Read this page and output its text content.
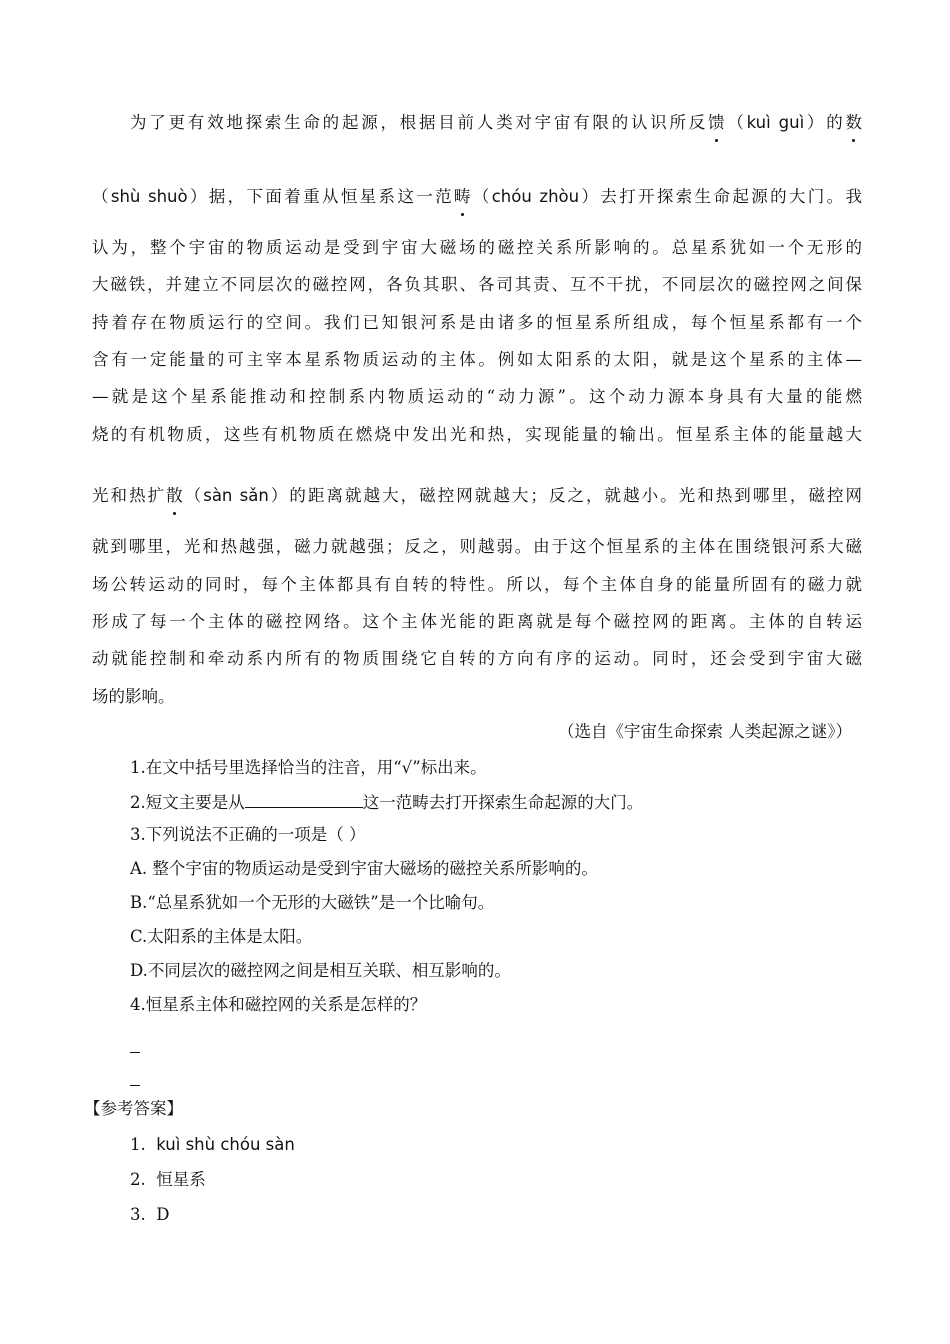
为了更有效地探索生命的起源，根据目前人类对宇宙有限的认识所反馈（kuì guì）的数
（shù shuò）据，下面着重从恒星系这一范畴（chóu zhòu）去打开探索生命起源的大门。我
认为，整个宇宙的物质运动是受到宇宙大磁场的磁控关系所影响的。总星系犹如一个无形的
大磁铁，并建立不同层次的磁控网，各负其职、各司其责、互不干扰，不同层次的磁控网之间保
持着存在物质运行的空间。我们已知银河系是由诸多的恒星系所组成，每个恒星系都有一个
含有一定能量的可主宰本星系物质运动的主体。例如太阳系的太阳，就是这个星系的主体—
—就是这个星系能推动和控制系内物质运动的“动力源”。这个动力源本身具有大量的能燃
烧的有机物质，这些有机物质在燃烧中发出光和热，实现能量的输出。恒星系主体的能量越大
光和热扩散（sàn sǎn）的距离就越大，磁控网就越大；反之，就越小。光和热到哪里，磁控网
就到哪里，光和热越强，磁力就越强；反之，则越弱。由于这个恒星系的主体在围绕银河系大磁
场公转运动的同时，每个主体都具有自转的特性。所以，每个主体自身的能量所固有的磁力就
形成了每一个主体的磁控网络。这个主体光能的距离就是每个磁控网的距离。主体的自转运
动就能控制和牵动系内所有的物质围绕它自转的方向有序的运动。同时，还会受到宇宙大磁
场的影响。
（选自《宇宙生命探索 人类起源之谜》）
1.在文中括号里选择恰当的注音，用“√”标出来。
2.短文主要是从	这一范畴去打开探索生命起源的大门。
3.下列说法不正确的一项是（ ）
A. 整个宇宙的物质运动是受到宇宙大磁场的磁控关系所影响的。
B.“总星系犹如一个无形的大磁铁”是一个比喻句。
C.太阳系的主体是太阳。
D.不同层次的磁控网之间是相互关联、相互影响的。
4.恒星系主体和磁控网的关系是怎样的？
【参考答案】
1. kuì shù chóu sàn
2. 恒星系
3. D
